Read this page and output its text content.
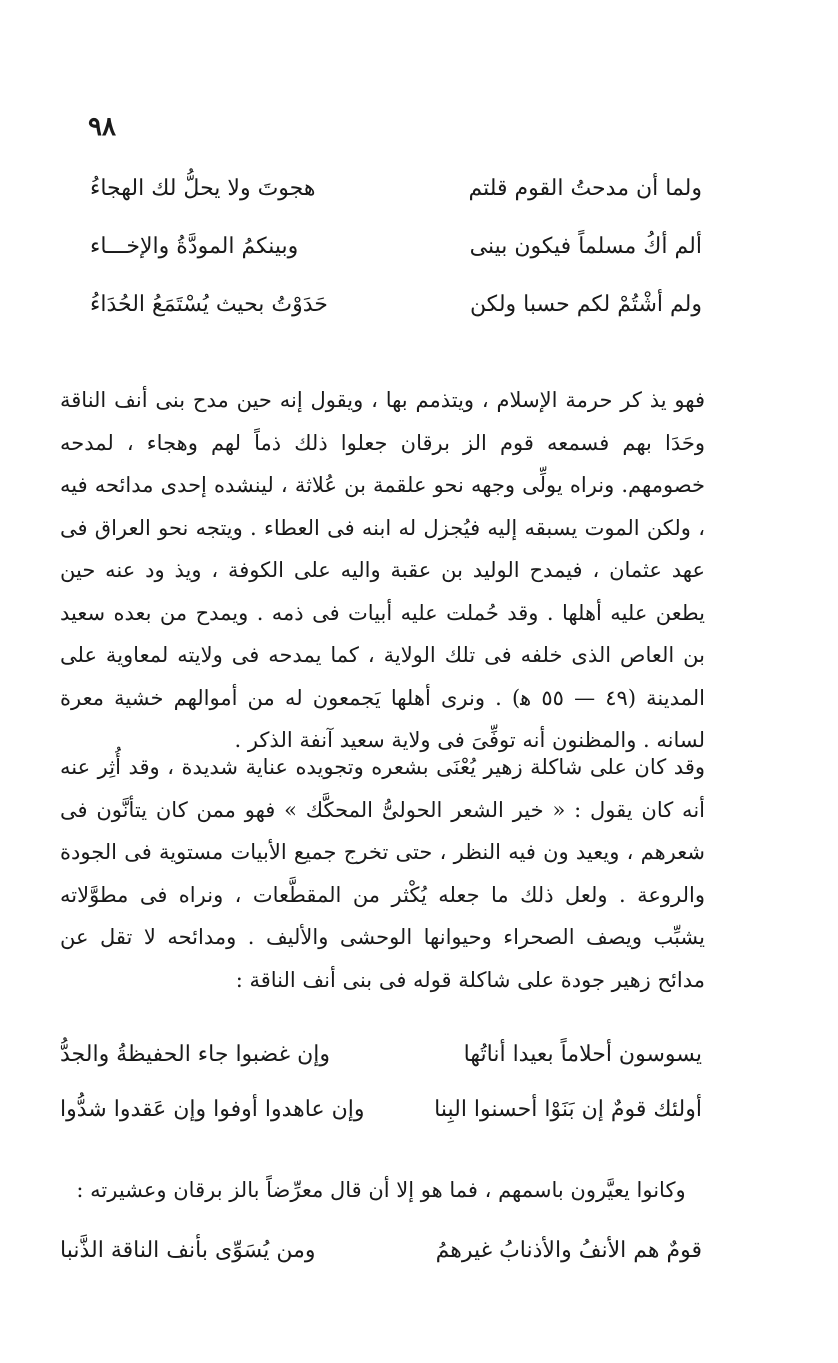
٩٨
ولما أن مدحتُ القوم قلتم
هجوتَ ولا يحلُّ لك الهجاءُ
ألم أكُ مسلماً فيكون بينى
وبينكمُ المودَّةُ والإخـــاء
ولم أشْتُمْ لكم حسبا ولكن
حَدَوْتُ بحيث يُسْتَمَعُ الحُدَاءُ

فهو يذ كر حرمة الإسلام ، ويتذمم بها ، ويقول إنه حين مدح بنى أنف الناقة وحَدَا بهم فسمعه قوم الز برقان جعلوا ذلك ذماً لهم وهجاء ، لمدحه خصومهم. ونراه يولِّى وجهه نحو علقمة بن عُلاثة ، لينشده إحدى مدائحه فيه ، ولكن الموت يسبقه إليه فيُجزل له ابنه فى العطاء . ويتجه نحو العراق فى عهد عثمان ، فيمدح الوليد بن عقبة واليه على الكوفة ، ويذ ود عنه حين يطعن عليه أهلها . وقد حُملت عليه أبيات فى ذمه . ويمدح من بعده سعيد بن العاص الذى خلفه فى تلك الولاية ، كما يمدحه فى ولايته لمعاوية على المدينة (٤٩ — ٥٥ ﻫ) . ونرى أهلها يَجمعون له من أموالهم خشية معرة لسانه . والمظنون أنه توفِّىَ فى ولاية سعيد آنفة الذكر .

وقد كان على شاكلة زهير يُعْنَى بشعره وتجويده عناية شديدة ، وقد أُثِر عنه أنه كان يقول : « خير الشعر الحولىُّ المحكَّك » فهو ممن كان يتأنَّون فى شعرهم ، ويعيد ون فيه النظر ، حتى تخرج جميع الأبيات مستوية فى الجودة والروعة . ولعل ذلك ما جعله يُكْثر من المقطَّعات ، ونراه فى مطوَّلاته يشبِّب ويصف الصحراء وحيوانها الوحشى والأليف . ومدائحه لا تقل عن مدائح زهير جودة على شاكلة قوله فى بنى أنف الناقة :

يسوسون أحلاماً بعيدا أناتُها
وإن غضبوا جاء الحفيظةُ والجدُّ
أولئك قومٌ إن بَنَوْا أحسنوا البِنا
وإن عاهدوا أوفوا وإن عَقدوا شدُّوا
وكانوا يعيَّرون باسمهم ، فما هو إلا أن قال معرِّضاً بالز برقان وعشيرته :
قومٌ هم الأنفُ والأذنابُ غيرهمُ
ومن يُسَوِّى بأنف الناقة الذَّنبا
